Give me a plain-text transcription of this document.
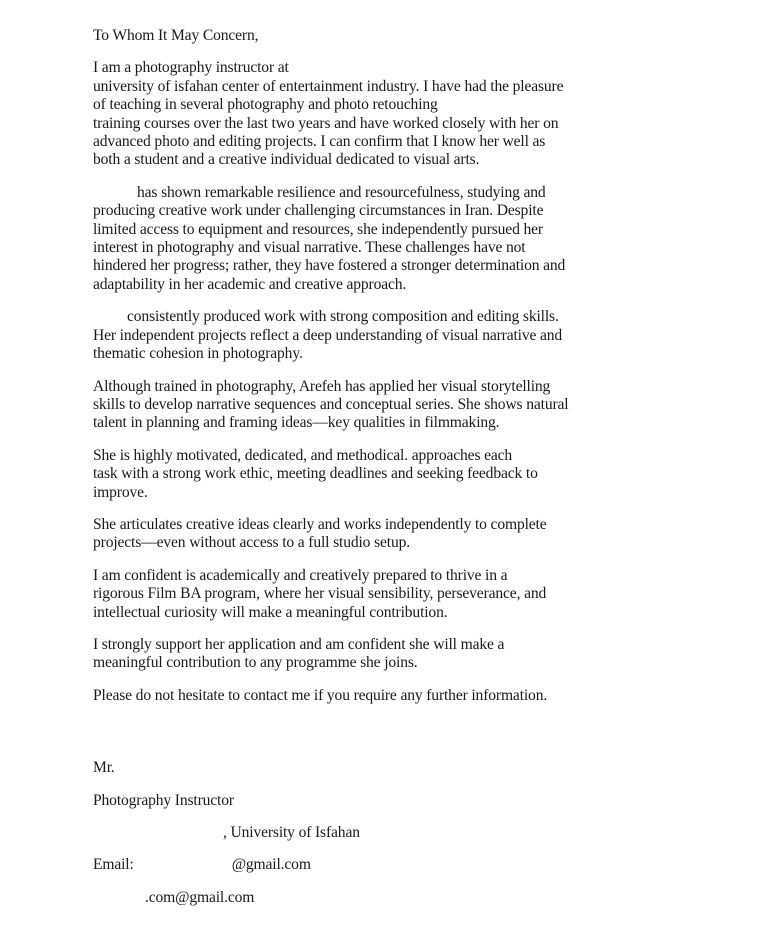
To Whom It May Concern,
I am a photography instructor at
university of isfahan center of entertainment industry. I have had the pleasure
of teaching in several photography and photo retouching
training courses over the last two years and have worked closely with her on
advanced photo and editing projects. I can confirm that I know her well as
both a student and a creative individual dedicated to visual arts.
has shown remarkable resilience and resourcefulness, studying and
producing creative work under challenging circumstances in Iran. Despite
limited access to equipment and resources, she independently pursued her
interest in photography and visual narrative. These challenges have not
hindered her progress; rather, they have fostered a stronger determination and
adaptability in her academic and creative approach.
consistently produced work with strong composition and editing skills.
Her independent projects reflect a deep understanding of visual narrative and
thematic cohesion in photography.
Although trained in photography, Arefeh has applied her visual storytelling
skills to develop narrative sequences and conceptual series. She shows natural
talent in planning and framing ideas—key qualities in filmmaking.
She is highly motivated, dedicated, and methodical. approaches each
task with a strong work ethic, meeting deadlines and seeking feedback to
improve.
She articulates creative ideas clearly and works independently to complete
projects—even without access to a full studio setup.
I am confident is academically and creatively prepared to thrive in a
rigorous Film BA program, where her visual sensibility, perseverance, and
intellectual curiosity will make a meaningful contribution.
I strongly support her application and am confident she will make a
meaningful contribution to any programme she joins.
Please do not hesitate to contact me if you require any further information.
Mr.
Photography Instructor
, University of Isfahan
Email:	@gmail.com
.com@gmail.com
